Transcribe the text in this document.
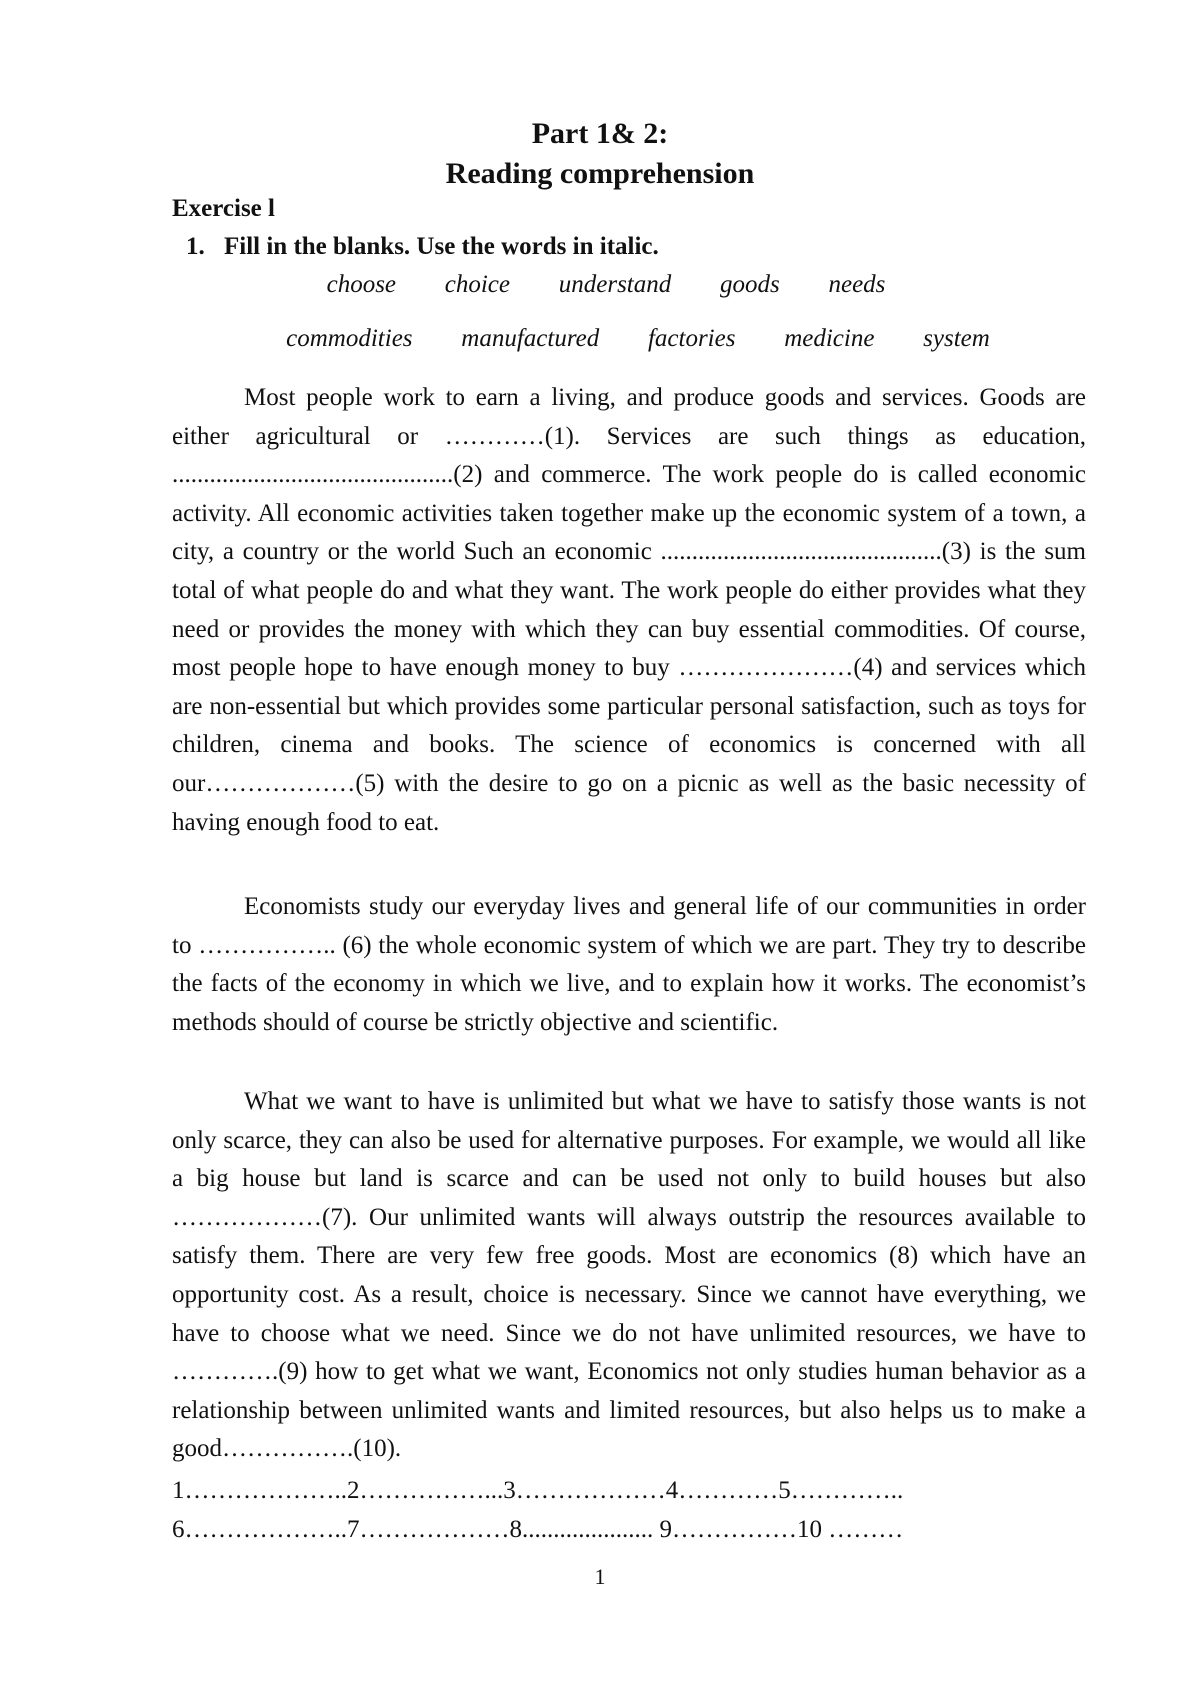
Part 1& 2:
Reading comprehension
Exercise l
1. Fill in the blanks. Use the words in italic.
choose   choice   understand   goods   needs
commodities   manufactured   factories   medicine   system

Most people work to earn a living, and produce goods and services. Goods are either agricultural or …………(1). Services are such things as education, .............................................(2) and commerce. The work people do is called economic activity. All economic activities taken together make up the economic system of a town, a city, a country or the world Such an economic .............................................(3) is the sum total of what people do and what they want. The work people do either provides what they need or provides the money with which they can buy essential commodities. Of course, most people hope to have enough money to buy …………………(4) and services which are non-essential but which provides some particular personal satisfaction, such as toys for children, cinema and books. The science of economics is concerned with all our………………(5) with the desire to go on a picnic as well as the basic necessity of having enough food to eat.

Economists study our everyday lives and general life of our communities in order to …………….. (6) the whole economic system of which we are part. They try to describe the facts of the economy in which we live, and to explain how it works. The economist’s methods should of course be strictly objective and scientific.

What we want to have is unlimited but what we have to satisfy those wants is not only scarce, they can also be used for alternative purposes. For example, we would all like a big house but land is scarce and can be used not only to build houses but also ………………(7). Our unlimited wants will always outstrip the resources available to satisfy them. There are very few free goods. Most are economics (8) which have an opportunity cost. As a result, choice is necessary. Since we cannot have everything, we have to choose what we need. Since we do not have unlimited resources, we have to ………….(9) how to get what we want, Economics not only studies human behavior as a relationship between unlimited wants and limited resources, but also helps us to make a good…………….(10).

1………………..2……………...3………………4…………5…………..
6………………..7………………8..................... 9……………10 ………
1
